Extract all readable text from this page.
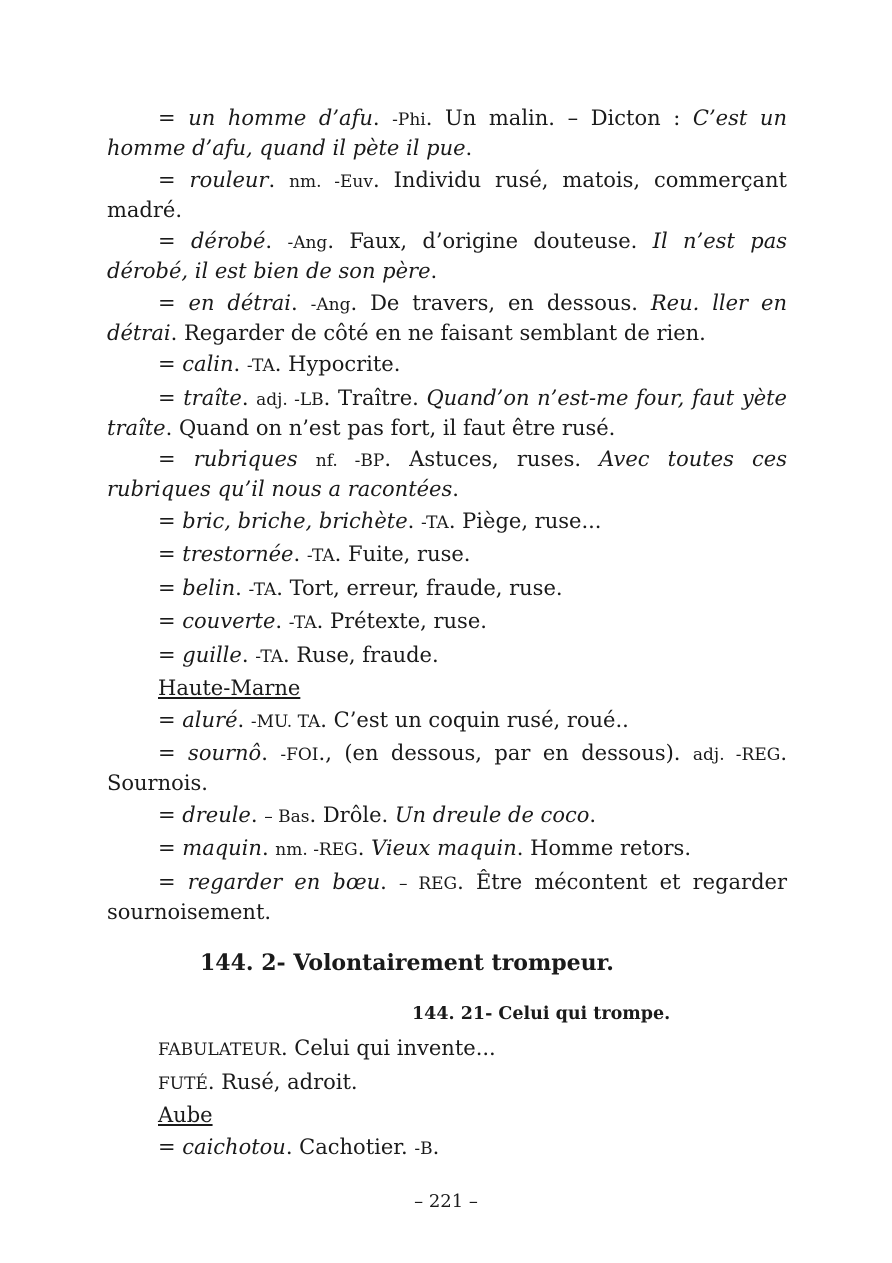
= un homme d’afu. -Phi. Un malin. – Dicton : C’est un homme d’afu, quand il pète il pue.

= rouleur. nm. -Euv. Individu rusé, matois, commerçant madré.

= dérobé. -Ang. Faux, d’origine douteuse. Il n’est pas dérobé, il est bien de son père.

= en détrai. -Ang. De travers, en dessous. Reu. ller en détrai. Regarder de côté en ne faisant semblant de rien.

= calin. -TA. Hypocrite.

= traîte. adj. -LB. Traître. Quand’on n’est-me four, faut yète traîte. Quand on n’est pas fort, il faut être rusé.

= rubriques nf. -BP. Astuces, ruses. Avec toutes ces rubriques qu’il nous a racontées.

= bric, briche, brichète. -TA. Piège, ruse...

= trestornée. -TA. Fuite, ruse.

= belin. -TA. Tort, erreur, fraude, ruse.

= couverte. -TA. Prétexte, ruse.

= guille. -TA. Ruse, fraude.

Haute-Marne

= aluré. -MU. TA. C’est un coquin rusé, roué..

= sournô. -FOI., (en dessous, par en dessous). adj. -REG. Sournois.

= dreule. – Bas. Drôle. Un dreule de coco.

= maquin. nm. -REG. Vieux maquin. Homme retors.

= regarder en bœu. – REG. Être mécontent et regarder sournoisement.

144. 2- Volontairement trompeur.
144. 21- Celui qui trompe.

FABULATEUR. Celui qui invente...

FUTÉ. Rusé, adroit.

Aube

= caichotou. Cachotier. -B.

– 221 –
